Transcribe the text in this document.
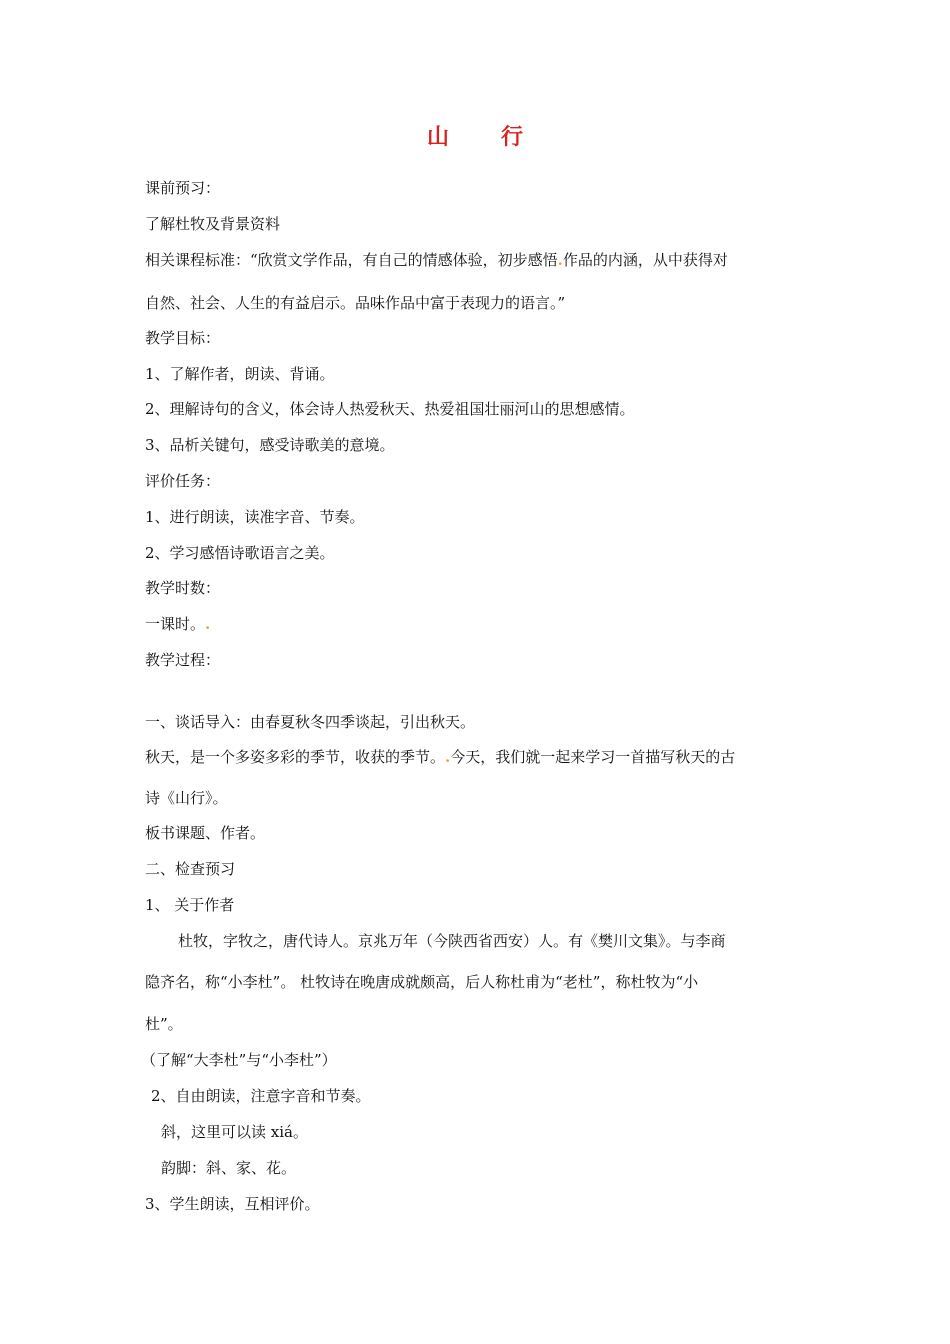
山 行
课前预习：
了解杜牧及背景资料
相关课程标准：“欣赏文学作品，有自己的情感体验，初步感悟.作品的内涵，从中获得对
自然、社会、人生的有益启示。品味作品中富于表现力的语言。”
教学目标：
1、了解作者，朗读、背诵。
2、理解诗句的含义，体会诗人热爱秋天、热爱祖国壮丽河山的思想感情。
3、品析关键句，感受诗歌美的意境。
评价任务：
1、进行朗读，读准字音、节奏。
2、学习感悟诗歌语言之美。
教学时数：
一课时。.
教学过程：
一、谈话导入：由春夏秋冬四季谈起，引出秋天。
秋天，是一个多姿多彩的季节，收获的季节。.今天，我们就一起来学习一首描写秋天的古
诗《山行》。
板书课题、作者。
二、检查预习
1、 关于作者
杜牧，字牧之，唐代诗人。京兆万年（今陕西省西安）人。有《樊川文集》。与李商
隐齐名，称“小李杜”。 杜牧诗在晚唐成就颇高，后人称杜甫为“老杜”，称杜牧为“小
杜”。
（了解“大李杜”与“小李杜”）
2、自由朗读，注意字音和节奏。
斜，这里可以读 xiá。
韵脚：斜、家、花。
3、学生朗读，互相评价。
